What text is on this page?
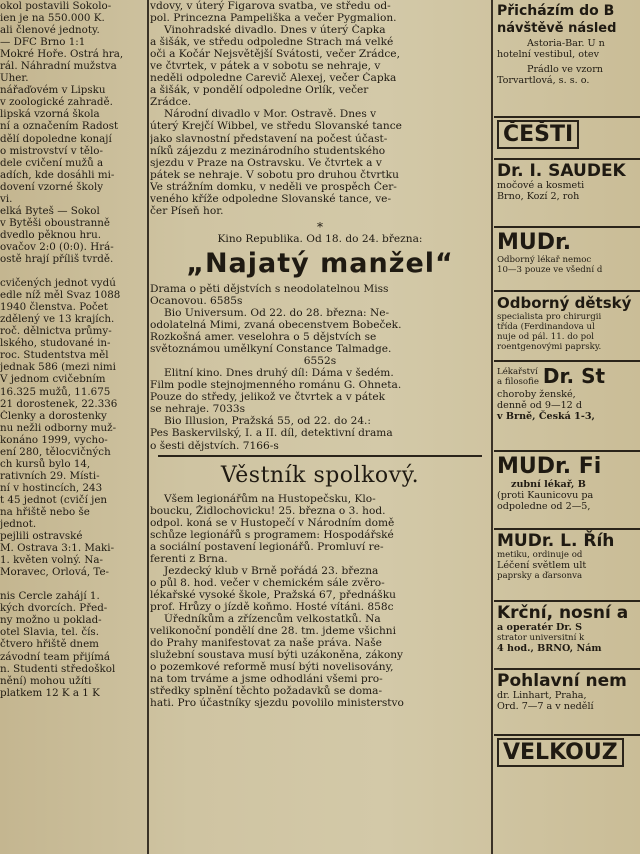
okol postavili Sokolo-
ien je na 550.000 K.
ali členové jednoty.
— DFC Brno 1:1
Mokré Hoře. Ostrá hra,
rál. Náhradní mužstva
Uher.
nářaďovém v Lipsku
v zoologické zahradě.
lipská vzorná škola
ní a označením Radost
dělí dopoledne konají
o mistrovství v tělo-
dele cvičení mužů a
adích, kde dosáhli mi-
dovení vzorné školy
vi.
elká Byteš — Sokol
v Bytěši oboustranně
dvedlo pěknou hru.
ovačov 2:0 (0:0). Hrá-
ostě hrají příliš tvrdě.

cvičených jednot vydú
edle níž měl Svaz 1088
1940 členstva. Počet
zdělený ve 13 krajích.
roč. dělnictva průmy-
lského, studované in-
roc. Studentstva měl
jednak 586 (mezi nimi
V jednom cvičebním
16.325 mužů, 11.675
21 dorostenek, 22.336
Členky a dorostenky
nu nežli odborny muž-
konáno 1999, vycho-
ení 280, tělocvičných
ch kursů bylo 14,
rativních 29. Místi-
ní v hostincích, 243
t 45 jednot (cvičí jen
na hřiště nebo še
jednot.
pejlili ostravské
M. Ostrava 3:1. Maki-
1. květen volný. Na-
Moravec, Orlová, Te-

nis Cercle zahájí 1.
kých dvorcích. Před-
ny možno u poklad-
otel Slavia, tel. čís.
čtvero hřiště dnem
závodní team přijímá
n. Studenti středoškol
nění) mohou užíti
platkem 12 K a 1 K
vdovy, v úterý Figarova svatba, ve středu od-
pol. Princezna Pampeliška a večer Pygmalion.
Vinohradské divadlo. Dnes v úterý Čapka
a šišák, ve středu odpoledne Strach má velké
oči a Kočár Nejsvětější Svátosti, večer Zrádce,
ve čtvrtek, v pátek a v sobotu se nehraje, v
neděli odpoledne Carevič Alexej, večer Čapka
a šišák, v pondělí odpoledne Orlík, večer
Zrádce.
Národní divadlo v Mor. Ostravě. Dnes v
úterý Krejčí Wibbel, ve středu Slovanské tance
jako slavnostní představení na počest účast-
níků zájezdu z mezinárodního studentského
sjezdu v Praze na Ostravsku. Ve čtvrtek a v
pátek se nehraje. V sobotu pro druhou čtvrtku
Ve strážním domku, v neděli ve prospěch Čer-
veného kříže odpoledne Slovanské tance, ve-
čer Píseň hor.
*
Kino Republika. Od 18. do 24. března:
„Najatý manžel“
Drama o pěti dějstvích s neodolatelnou Miss
Ocanovou. 6585s
Bio Universum. Od 22. do 28. března: Ne-
odolatelná Mimi, zvaná obecenstvem Bobeček.
Rozkošná amer. veselohra o 5 dějstvích se
světoznámou umělkyní Constance Talmadge.
6552s
Elitní kino. Dnes druhý díl: Dáma v šedém.
Film podle stejnojmenného románu G. Ohneta.
Pouze do středy, jelikož ve čtvrtek a v pátek
se nehraje. 7033s
Bio Illusion, Pražská 55, od 22. do 24.:
Pes Baskervilský, I. a II. díl, detektivní drama
o šesti dějstvích. 7166-s
Věstník spolkový.
Všem legionářům na Hustopečsku, Klo-
boucku, Židlochovicku! 25. března o 3. hod.
odpol. koná se v Hustopečí v Národním domě
schůze legionářů s programem: Hospodářské
a sociální postavení legionářů. Promluví re-
ferenti z Brna.
Jezdecký klub v Brně pořádá 23. března
o půl 8. hod. večer v chemickém sále zvěro-
lékařské vysoké škole, Pražská 67, přednášku
prof. Hrůzy o jízdě koňmo. Hosté vítáni. 858c
Úředníkům a zřízencům velkostatků. Na
velikonoční pondělí dne 28. tm. jdeme všichni
do Prahy manifestovat za naše práva. Naše
služební soustava musí býti uzákoněna, zákony
o pozemkové reformě musí býti novelisovány,
na tom trváme a jsme odhodláni všemi pro-
středky splnění těchto požadavků se doma-
hati. Pro účastníky sjezdu povolilo ministerstvo
Přicházím do B
návštěvě násled
Astoria-Bar. U n
hotelní vestibul, otev
Prádlo ve vzorn
Torvartlová, s. s. o.
ČEŠTI
Dr. I. SAUDEK
močové a kosmeti
Brno, Kozí 2, roh
MUDr.
Odborný lékař nemoc
10—3 pouze ve všední d
Odborný dětský
specialista pro chirurgii
třída (Ferdinandova ul
nuje od pál. 11. do pol
roentgenovými paprsky.
Lékařství
a filosofie Dr. St
choroby ženské,
denně od 9—12 d
v Brně, Česká 1-3,
MUDr. Fi
zubní lékař, B
(proti Kaunicovu pa
odpoledne od 2—5,
MUDr. L. Říh
metiku, ordinuje od
Léčení světlem ult
paprsky a ďarsonva
Krční, nosní a
a operatér Dr. S
strator universitní k
4 hod., BRNO, Nám
Pohlavní nem
dr. Linhart, Praha,
Ord. 7—7 a v nedělí
VELKOUZ
